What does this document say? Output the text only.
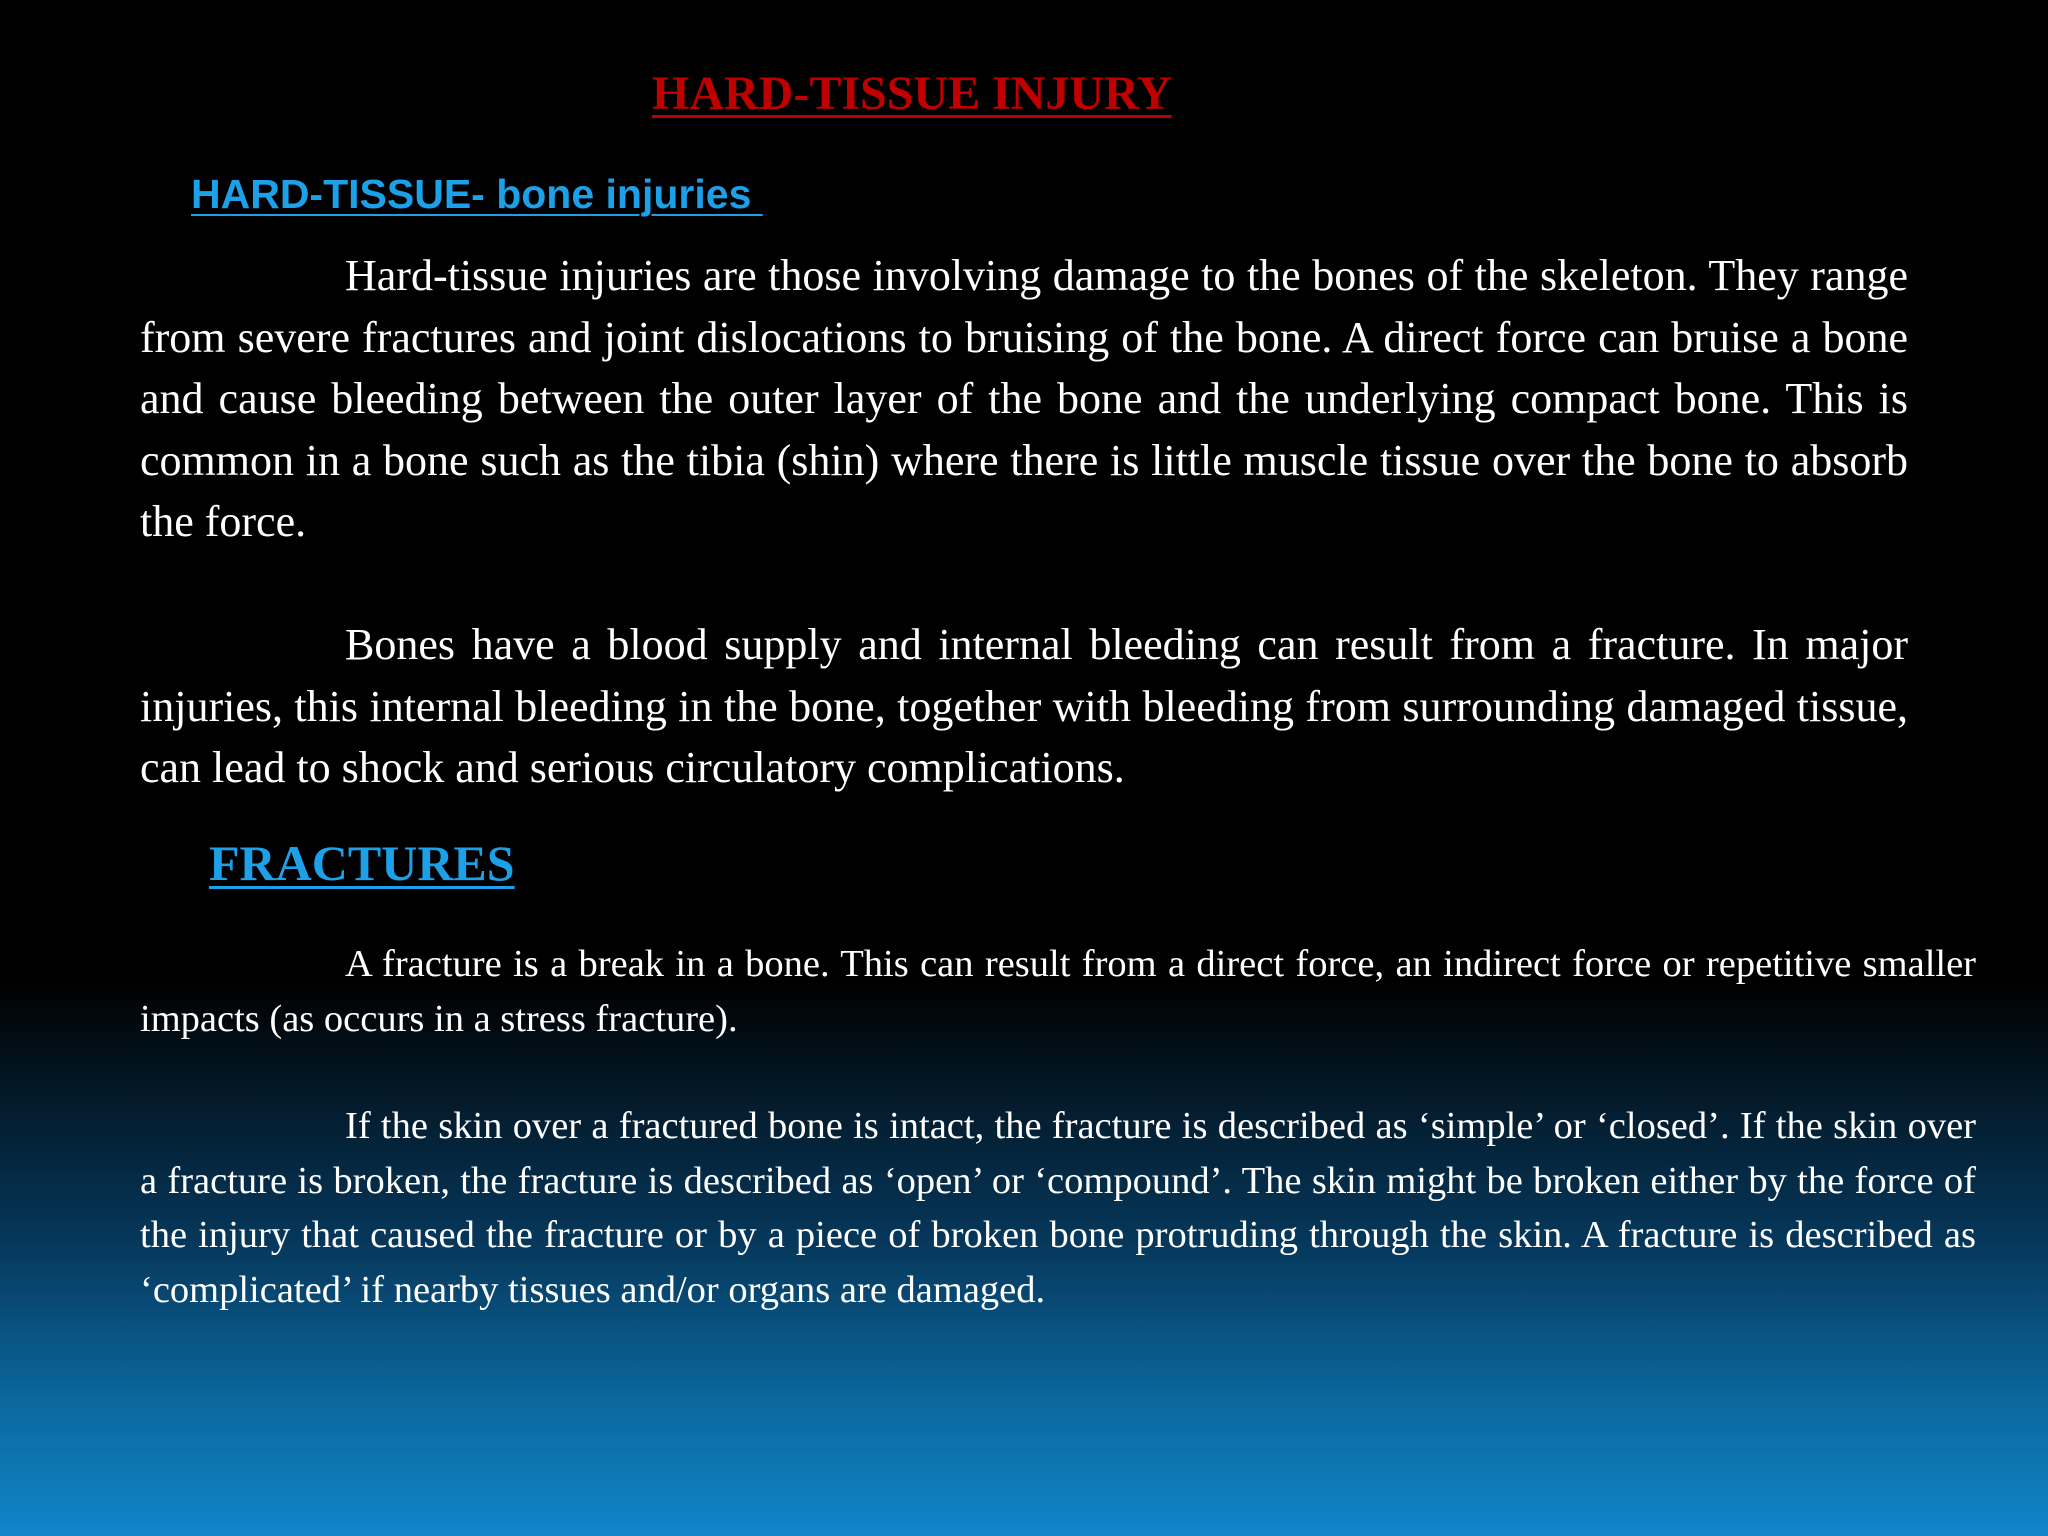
HARD-TISSUE INJURY
HARD-TISSUE- bone injuries

Hard-tissue injuries are those involving damage to the bones of the skeleton. They range from severe fractures and joint dislocations to bruising of the bone. A direct force can bruise a bone and cause bleeding between the outer layer of the bone and the underlying compact bone. This is common in a bone such as the tibia (shin) where there is little muscle tissue over the bone to absorb the force.

Bones have a blood supply and internal bleeding can result from a fracture. In major injuries, this internal bleeding in the bone, together with bleeding from surrounding damaged tissue, can lead to shock and serious circulatory complications.

FRACTURES

A fracture is a break in a bone. This can result from a direct force, an indirect force or repetitive smaller impacts (as occurs in a stress fracture).

If the skin over a fractured bone is intact, the fracture is described as ‘simple’ or ‘closed’. If the skin over a fracture is broken, the fracture is described as ‘open’ or ‘compound’. The skin might be broken either by the force of the injury that caused the fracture or by a piece of broken bone protruding through the skin. A fracture is described as ‘complicated’ if nearby tissues and/or organs are damaged.
